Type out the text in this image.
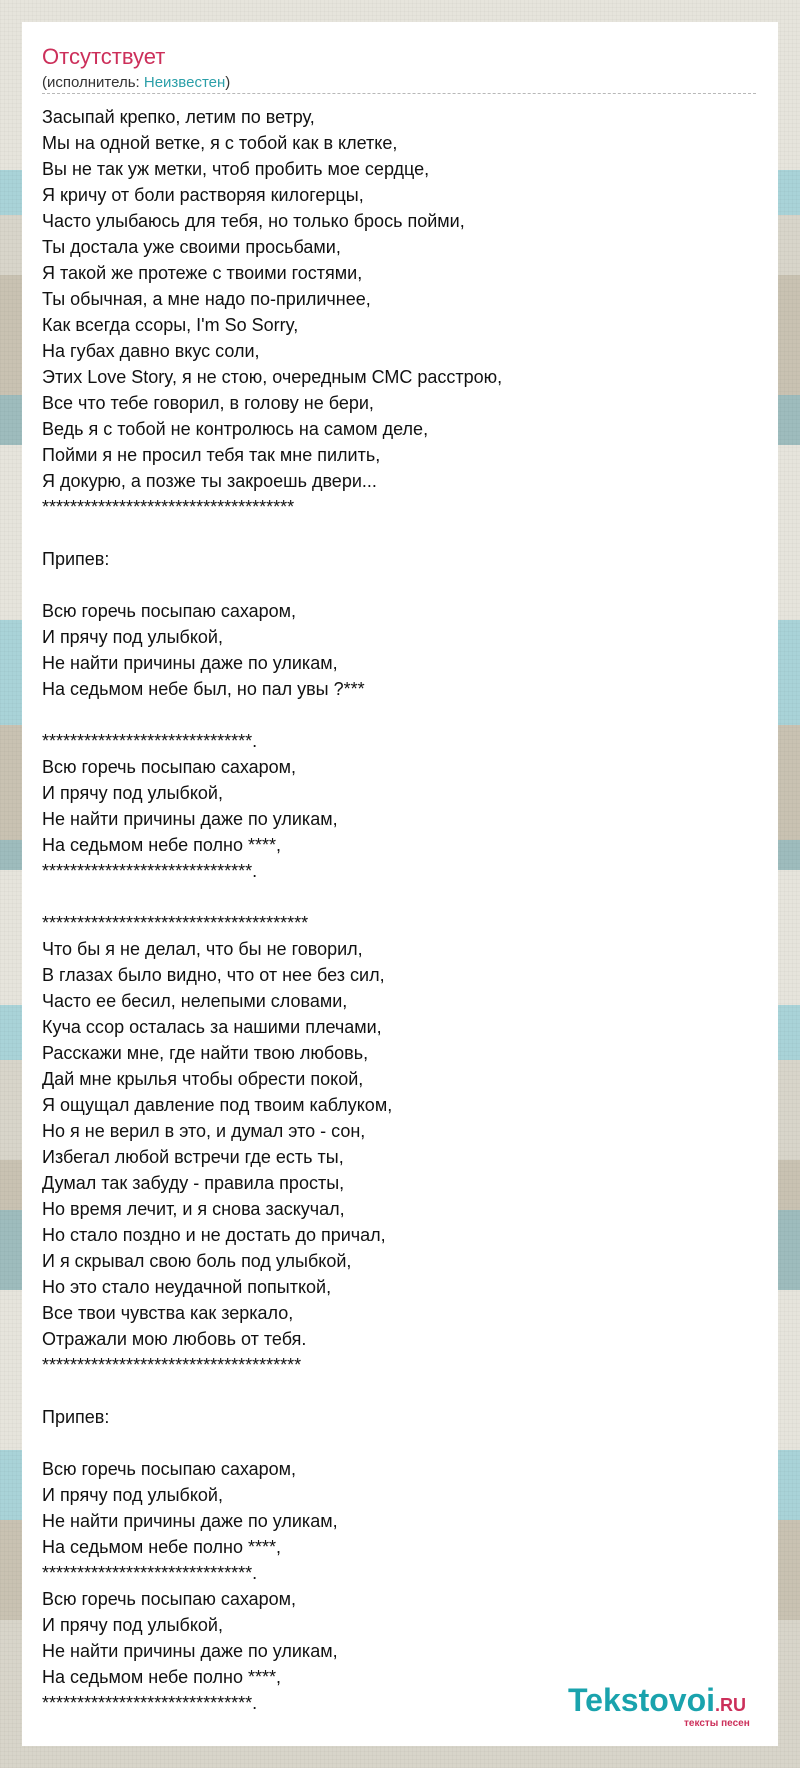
Отсутствует
(исполнитель: Неизвестен)
Засыпай крепко, летим по ветру,
Мы на одной ветке, я с тобой как в клетке,
Вы не так уж метки, чтоб пробить мое сердце,
Я кричу от боли растворяя килогерцы,
Часто улыбаюсь для тебя, но только брось пойми,
Ты достала уже своими просьбами,
Я такой же протеже с твоими гостями,
Ты обычная, а мне надо по-приличнее,
Как всегда ссоры, I'm So Sorry,
На губах давно вкус соли,
Этих Love Story, я не стою, очередным СМС расстрою,
Все что тебе говорил, в голову не бери,
Ведь я с тобой не контролюсь на самом деле,
Пойми я не просил тебя так мне пилить,
Я докурю, а позже ты закроешь двери...
************************************
Припев:
Всю горечь посыпаю сахаром,
И прячу под улыбкой,
Не найти причины даже по уликам,
На седьмом небе был, но пал увы ?***
******************************.
Всю горечь посыпаю сахаром,
И прячу под улыбкой,
Не найти причины даже по уликам,
На седьмом небе полно ****,
******************************.
**************************************
Что бы я не делал, что бы не говорил,
В глазах было видно, что от нее без сил,
Часто ее бесил, нелепыми словами,
Куча ссор осталась за нашими плечами,
Расскажи мне, где найти твою любовь,
Дай мне крылья чтобы обрести покой,
Я ощущал давление под твоим каблуком,
Но я не верил в это, и думал это - сон,
Избегал любой встречи где есть ты,
Думал так забуду - правила просты,
Но время лечит, и я снова заскучал,
Но стало поздно и не достать до причал,
И я скрывал свою боль под улыбкой,
Но это стало неудачной попыткой,
Все твои чувства как зеркало,
Отражали мою любовь от тебя.
*************************************
Припев:
Всю горечь посыпаю сахаром,
И прячу под улыбкой,
Не найти причины даже по уликам,
На седьмом небе полно ****,
******************************.
Всю горечь посыпаю сахаром,
И прячу под улыбкой,
Не найти причины даже по уликам,
На седьмом небе полно ****,
******************************.	Tekstovoi.RU
тексты песен
